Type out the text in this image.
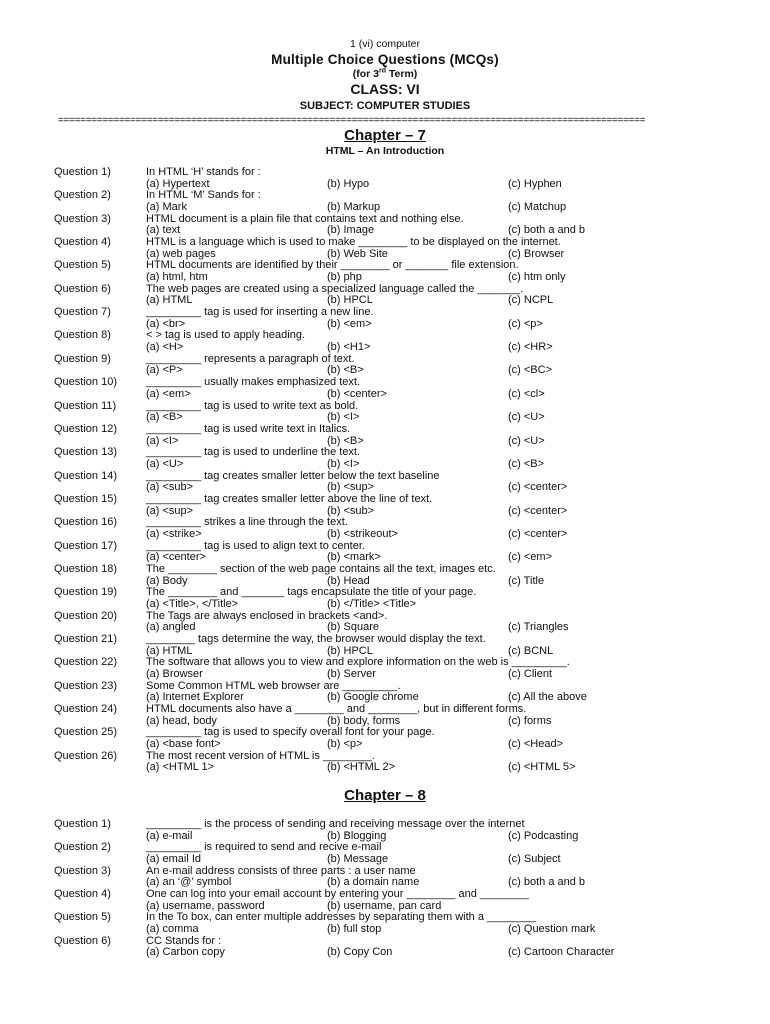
1 (vi) computer
Multiple Choice Questions (MCQs)
(for 3rd Term)
CLASS: VI
SUBJECT: COMPUTER STUDIES
==========================================================================================================
Chapter – 7
HTML – An Introduction
Question 1)	In HTML ‘H’ stands for :
(a) Hypertext	(b) Hypo	(c) Hyphen
Question 2)	In HTML ‘M’ Sands for :
(a) Mark	(b) Markup	(c) Matchup
Question 3)	HTML document is a plain file that contains text and nothing else.
(a) text	(b) Image	(c) both a and b
Question 4)	HTML is a language which is used to make ________ to be displayed on the internet.
(a) web pages	(b) Web Site	(c) Browser
Question 5)	HTML documents are identified by their ________ or _______ file extension.
(a) html, htm	(b) php	(c) htm only
Question 6)	The web pages are created using a specialized language called the _______.
(a) HTML	(b) HPCL	(c) NCPL
Question 7)	_________ tag is used for inserting a new line.
(a) <br>	(b) <em>	(c) <p>
Question 8)	< > tag is used to apply heading.
(a) <H>	(b) <H1>	(c) <HR>
Question 9)	_________ represents a paragraph of text.
(a) <P>	(b) <B>	(c) <BC>
Question 10)	_________ usually makes emphasized text.
(a) <em>	(b) <center>	(c) <cl>
Question 11)	_________ tag is used to write text as bold.
(a) <B>	(b) <I>	(c) <U>
Question 12)	_________ tag is used write text in Italics.
(a) <I>	(b) <B>	(c) <U>
Question 13)	_________ tag is used to underline the text.
(a) <U>	(b) <I>	(c) <B>
Question 14)	_________ tag creates smaller letter below the text baseline
(a) <sub>	(b) <sup>	(c) <center>
Question 15)	_________ tag creates smaller letter above the line of text.
(a) <sup>	(b) <sub>	(c) <center>
Question 16)	_________ strikes a line through the text.
(a) <strike>	(b) <strikeout>	(c) <center>
Question 17)	_________ tag is used to align text to center.
(a) <center>	(b) <mark>	(c) <em>
Question 18)	The ________ section of the web page contains all the text, images etc.
(a) Body	(b) Head	(c) Title
Question 19)	The ________ and _______ tags encapsulate the title of your page.
(a) <Title>, </Title>	(b) </Title> <Title>
Question 20)	The Tags are always enclosed in brackets <and>.
(a) angled	(b) Square	(c) Triangles
Question 21)	________ tags determine the way, the browser would display the text.
(a) HTML	(b) HPCL	(c) BCNL
Question 22)	The software that allows you to view and explore information on the web is _________.
(a) Browser	(b) Server	(c) Client
Question 23)	Some Common HTML web browser are _________.
(a) Internet Explorer	(b) Google chrome	(c) All the above
Question 24)	HTML documents also have a ________ and ________, but in different forms.
(a) head, body	(b) body, forms	(c) forms
Question 25)	_________ tag is used to specify overall font for your page.
(a) <base font>	(b) <p>	(c) <Head>
Question 26)	The most recent version of HTML is ________.
(a) <HTML 1>	(b) <HTML 2>	(c) <HTML 5>
Chapter – 8
Question 1)	_________ is the process of sending and receiving message over the internet
(a) e-mail	(b) Blogging	(c) Podcasting
Question 2)	_________ is required to send and recive e-mail
(a) email Id	(b) Message	(c) Subject
Question 3)	An e-mail address consists of three parts : a user name
(a) an ‘@’ symbol	(b) a domain name	(c) both a and b
Question 4)	One can log into your email account by entering your ________ and ________
(a) username, password	(b) username, pan card
Question 5)	In the To box, can enter multiple addresses by separating them with a ________
(a) comma	(b) full stop	(c) Question mark
Question 6)	CC Stands for :
(a) Carbon copy	(b) Copy Con	(c) Cartoon Character
